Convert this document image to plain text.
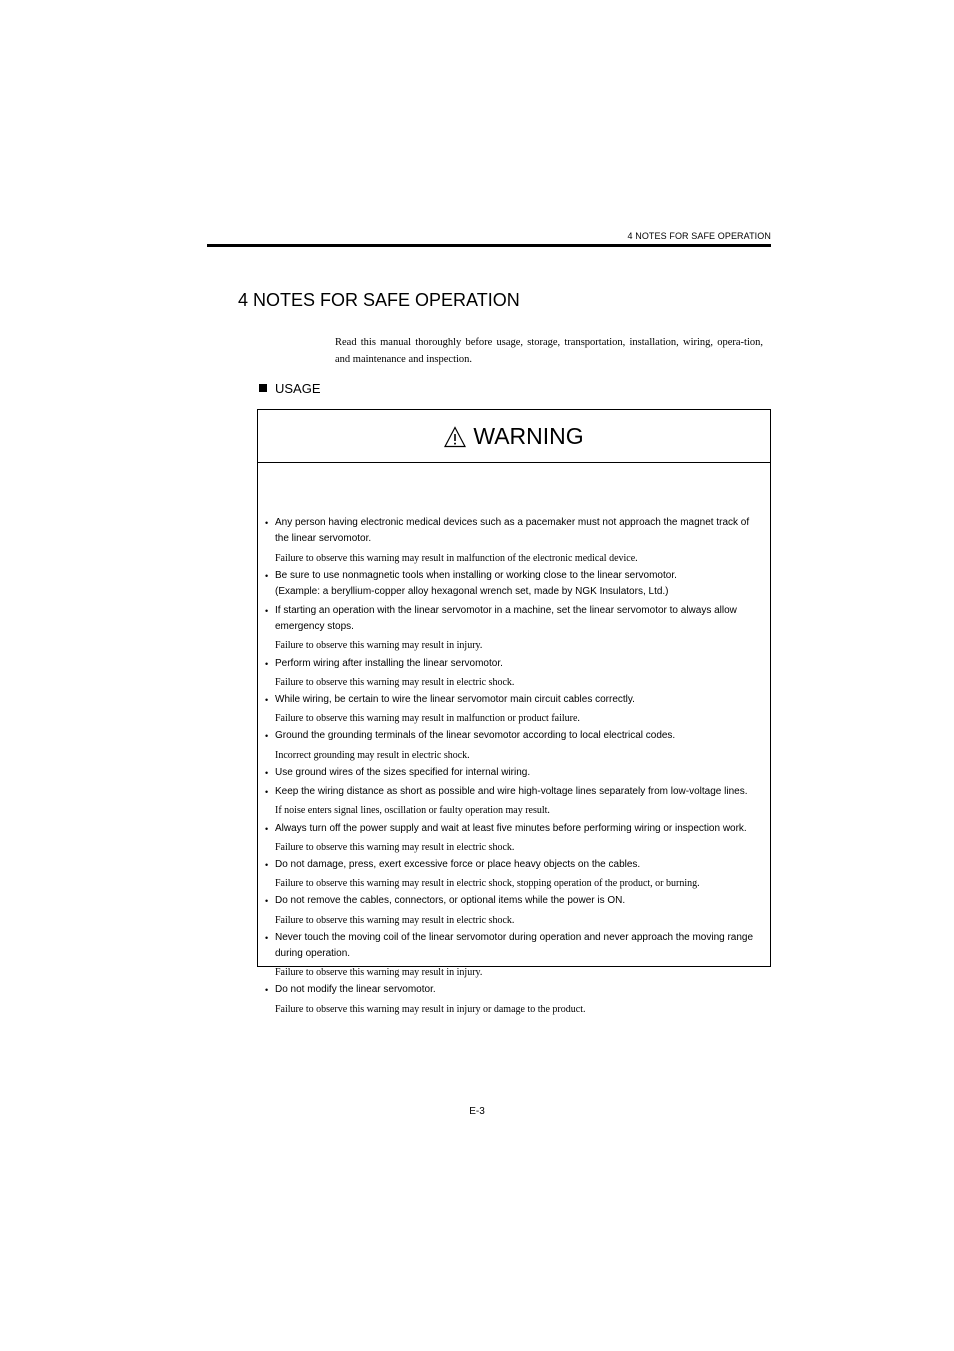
4 NOTES FOR SAFE OPERATION
4 NOTES FOR SAFE OPERATION
Read this manual thoroughly before usage, storage, transportation, installation, wiring, opera-tion, and maintenance and inspection.
USAGE
WARNING
• Any person having electronic medical devices such as a pacemaker must not approach the magnet track of the linear servomotor.
Failure to observe this warning may result in malfunction of the electronic medical device.
• Be sure to use nonmagnetic tools when installing or working close to the linear servomotor.
(Example: a beryllium-copper alloy hexagonal wrench set, made by NGK Insulators, Ltd.)
• If starting an operation with the linear servomotor in a machine, set the linear servomotor to always allow emergency stops.
Failure to observe this warning may result in injury.
• Perform wiring after installing the linear servomotor.
Failure to observe this warning may result in electric shock.
• While wiring, be certain to wire the linear servomotor main circuit cables correctly.
Failure to observe this warning may result in malfunction or product failure.
• Ground the grounding terminals of the linear sevomotor according to local electrical codes.
Incorrect grounding may result in electric shock.
• Use ground wires of the sizes specified for internal wiring.
• Keep the wiring distance as short as possible and wire high-voltage lines separately from low-voltage lines.
If noise enters signal lines, oscillation or faulty operation may result.
• Always turn off the power supply and wait at least five minutes before performing wiring or inspection work.
Failure to observe this warning may result in electric shock.
• Do not damage, press, exert excessive force or place heavy objects on the cables.
Failure to observe this warning may result in electric shock, stopping operation of the product, or burning.
• Do not remove the cables, connectors, or optional items while the power is ON.
Failure to observe this warning may result in electric shock.
• Never touch the moving coil of the linear servomotor during operation and never approach the moving range during operation.
Failure to observe this warning may result in injury.
• Do not modify the linear servomotor.
Failure to observe this warning may result in injury or damage to the product.
E-3
